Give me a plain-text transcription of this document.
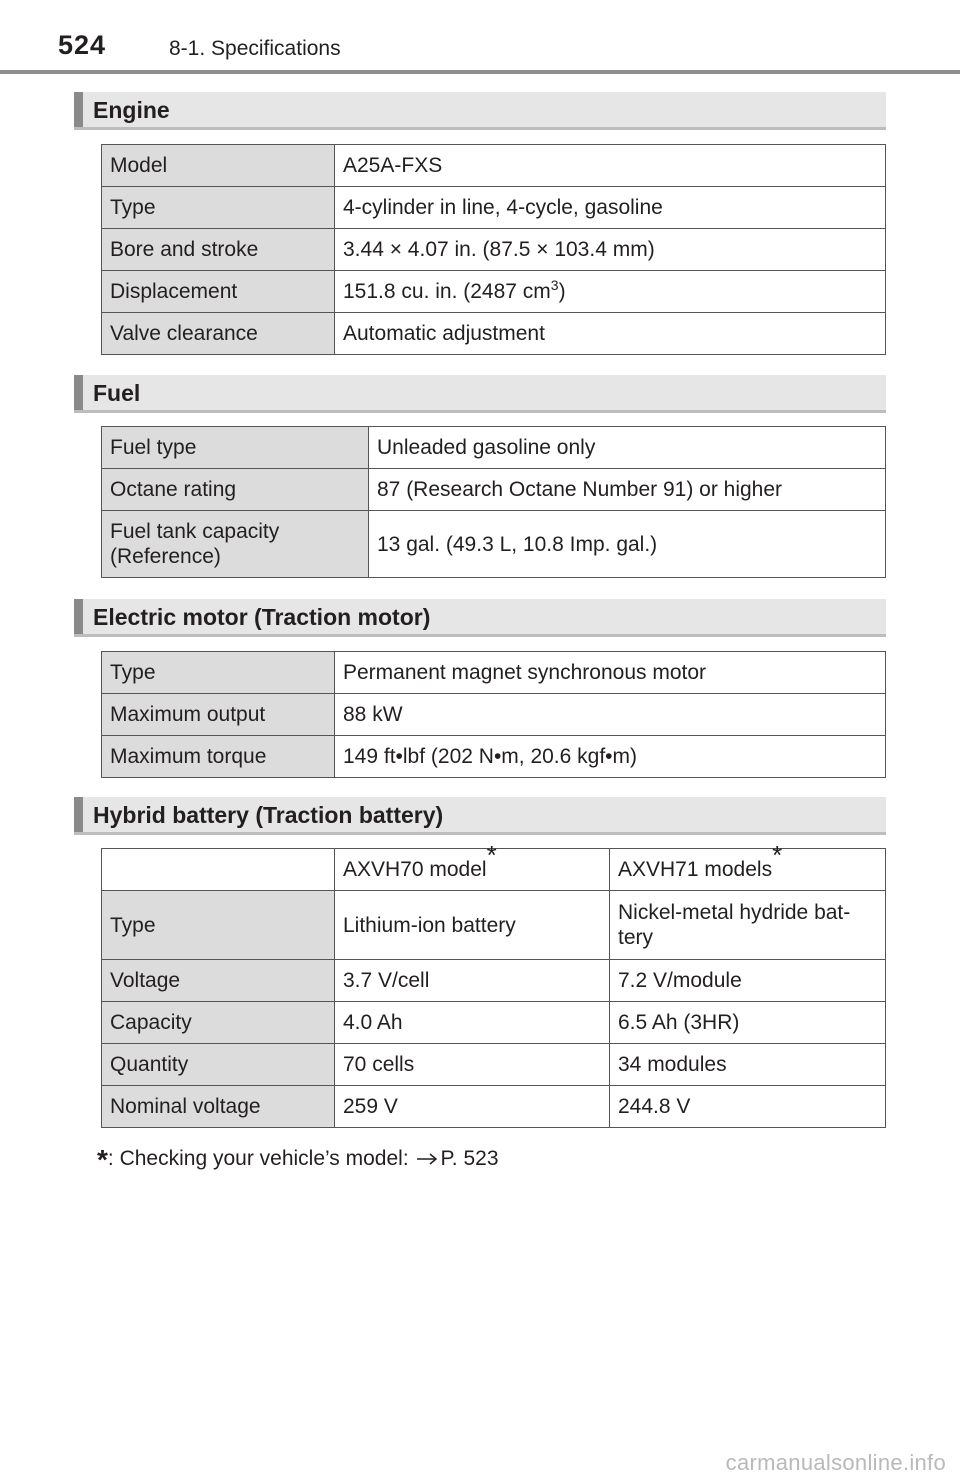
524	8-1. Specifications
Engine
Model	A25A-FXS
Type	4-cylinder in line, 4-cycle, gasoline
Bore and stroke	3.44 × 4.07 in. (87.5 × 103.4 mm)
Displacement	151.8 cu. in. (2487 $cm^3$)
Valve clearance	Automatic adjustment
Fuel
Fuel type	Unleaded gasoline only
Octane rating	87 (Research Octane Number 91) or higher
Fuel tank capacity
(Reference)	13 gal. (49.3 L, 10.8 Imp. gal.)
Electric motor (Traction motor)
Type	Permanent magnet synchronous motor
Maximum output	88 kW
Maximum torque	149 ft•lbf (202 N•m, 20.6 kgf•m)
Hybrid battery (Traction battery)
	AXVH70 model*	AXVH71 models*
Type	Lithium-ion battery	Nickel-metal hydride bat-
tery
Voltage	3.7 V/cell	7.2 V/module
Capacity	4.0 Ah	6.5 Ah (3HR)
Quantity	70 cells	34 modules
Nominal voltage	259 V	244.8 V
*: Checking your vehicle’s model: P. 523
carmanualsonline.info
